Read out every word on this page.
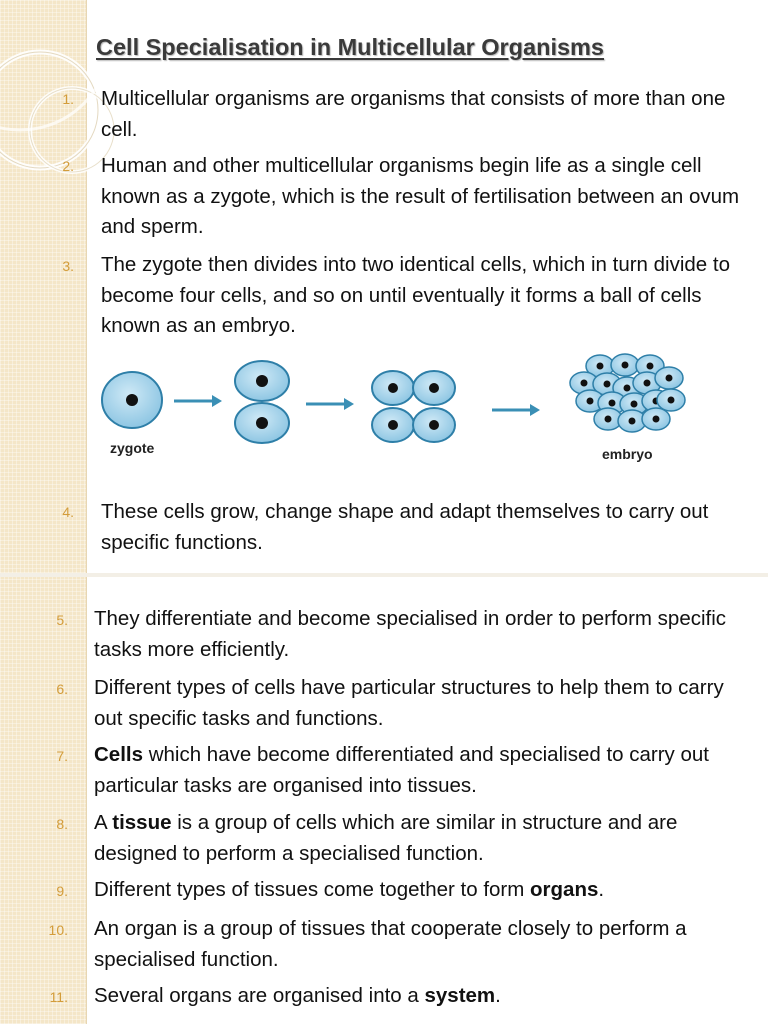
Cell Specialisation in Multicellular Organisms
1. Multicellular organisms are organisms that consists of more than one cell.
2. Human and other multicellular organisms begin life as a single cell known as a zygote, which is the result of fertilisation between an ovum and sperm.
3. The zygote then divides into two identical cells, which in turn divide to become four cells, and so on until eventually it forms a ball of cells known as an embryo.
zygote	embryo
4. These cells grow, change shape and adapt themselves to carry out specific functions.
5. They differentiate and become specialised in order to perform specific tasks more efficiently.
6. Different types of cells have particular structures to help them to carry out specific tasks and functions.
7. Cells which have become differentiated and specialised to carry out particular tasks are organised into tissues.
8. A tissue is a group of cells which are similar in structure and are designed to perform a specialised function.
9. Different types of tissues come together to form organs.
10. An organ is a group of tissues that cooperate closely to perform a specialised function.
11. Several organs are organised into a system.
